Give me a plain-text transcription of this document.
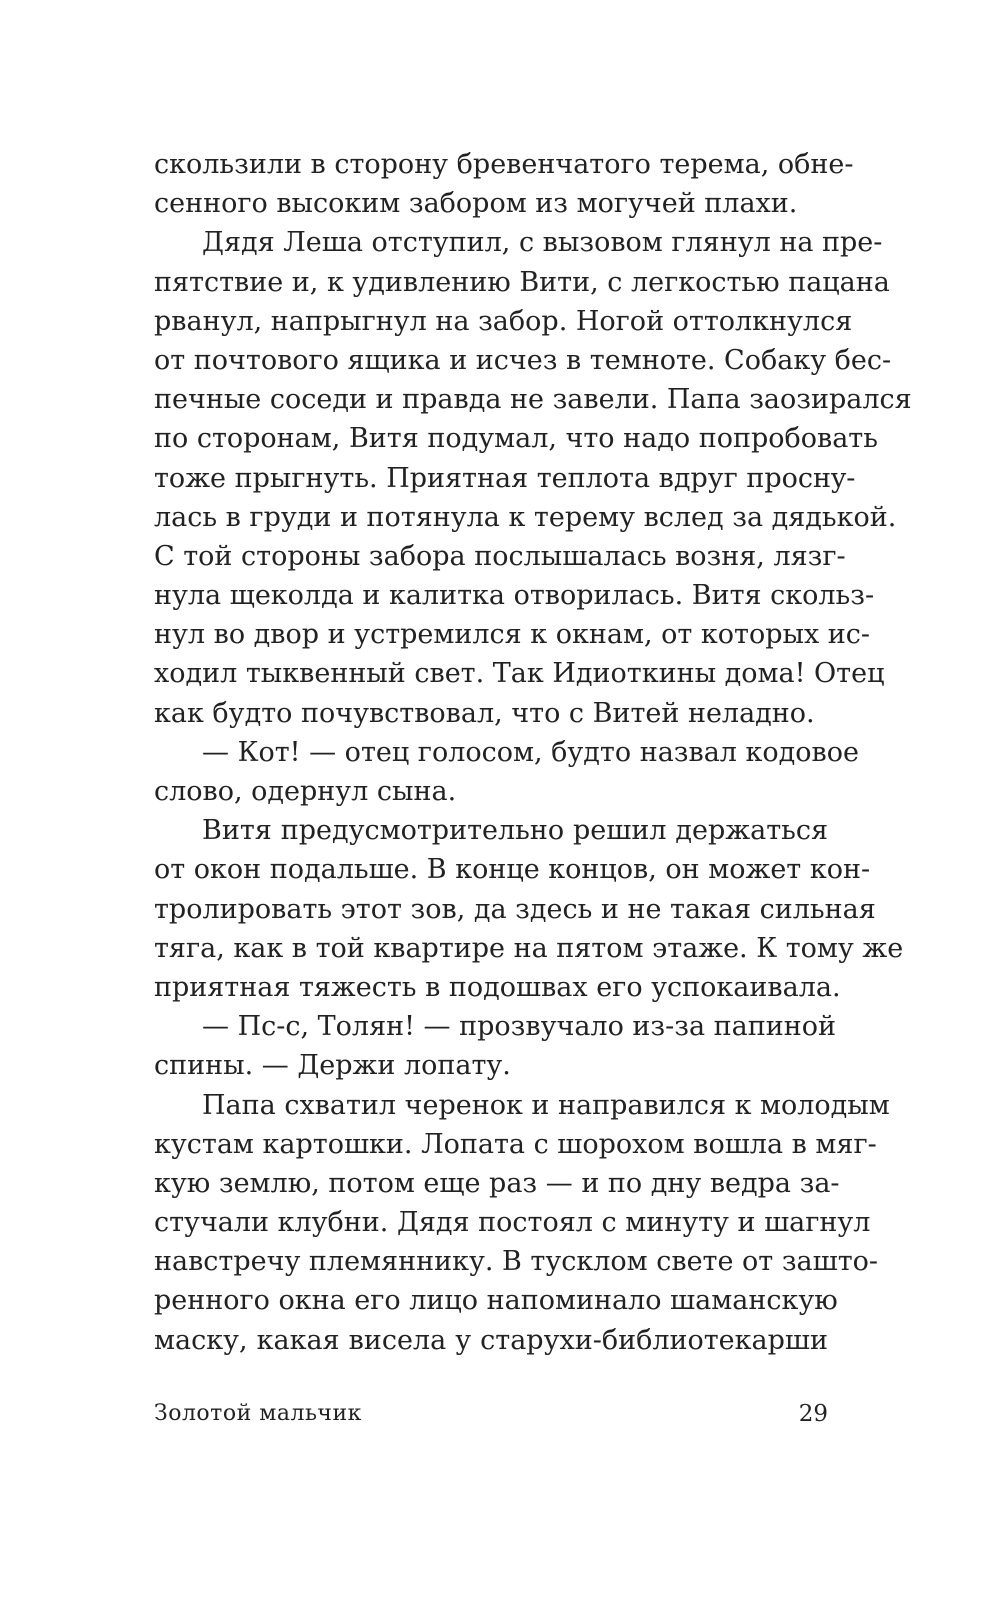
скользили в сторону бревенчатого терема, обне-
сенного высоким забором из могучей плахи.
Дядя Леша отступил, с вызовом глянул на пре-
пятствие и, к удивлению Вити, с легкостью пацана
рванул, напрыгнул на забор. Ногой оттолкнулся
от почтового ящика и исчез в темноте. Собаку бес-
печные соседи и правда не завели. Папа заозирался
по сторонам, Витя подумал, что надо попробовать
тоже прыгнуть. Приятная теплота вдруг проснy-
лась в груди и потянула к терему вслед за дядькой.
С той стороны забора послышалась возня, лязг-
нула щеколда и калитка отворилась. Витя скольз-
нул во двор и устремился к окнам, от которых ис-
ходил тыквенный свет. Так Идиоткины дома! Отец
как будто почувствовал, что с Витей неладно.
— Кот! — отец голосом, будто назвал кодовое
слово, одернул сына.
Витя предусмотрительно решил держаться
от окон подальше. В конце концов, он может кон-
тролировать этот зов, да здесь и не такая сильная
тяга, как в той квартире на пятом этаже. К тому же
приятная тяжесть в подошвах его успокаивала.
— Пс-с, Толян! — прозвучало из-за папиной
спины. — Держи лопату.
Папа схватил черенок и направился к молодым
кустам картошки. Лопата с шорохом вошла в мяг-
кую землю, потом еще раз — и по дну ведра за-
стучали клубни. Дядя постоял с минуту и шагнул
навстречу племяннику. В тусклом свете от зашто-
ренного окна его лицо напоминало шаманскую
маску, какая висела у старухи-библиотекарши
Золотой мальчик	29
